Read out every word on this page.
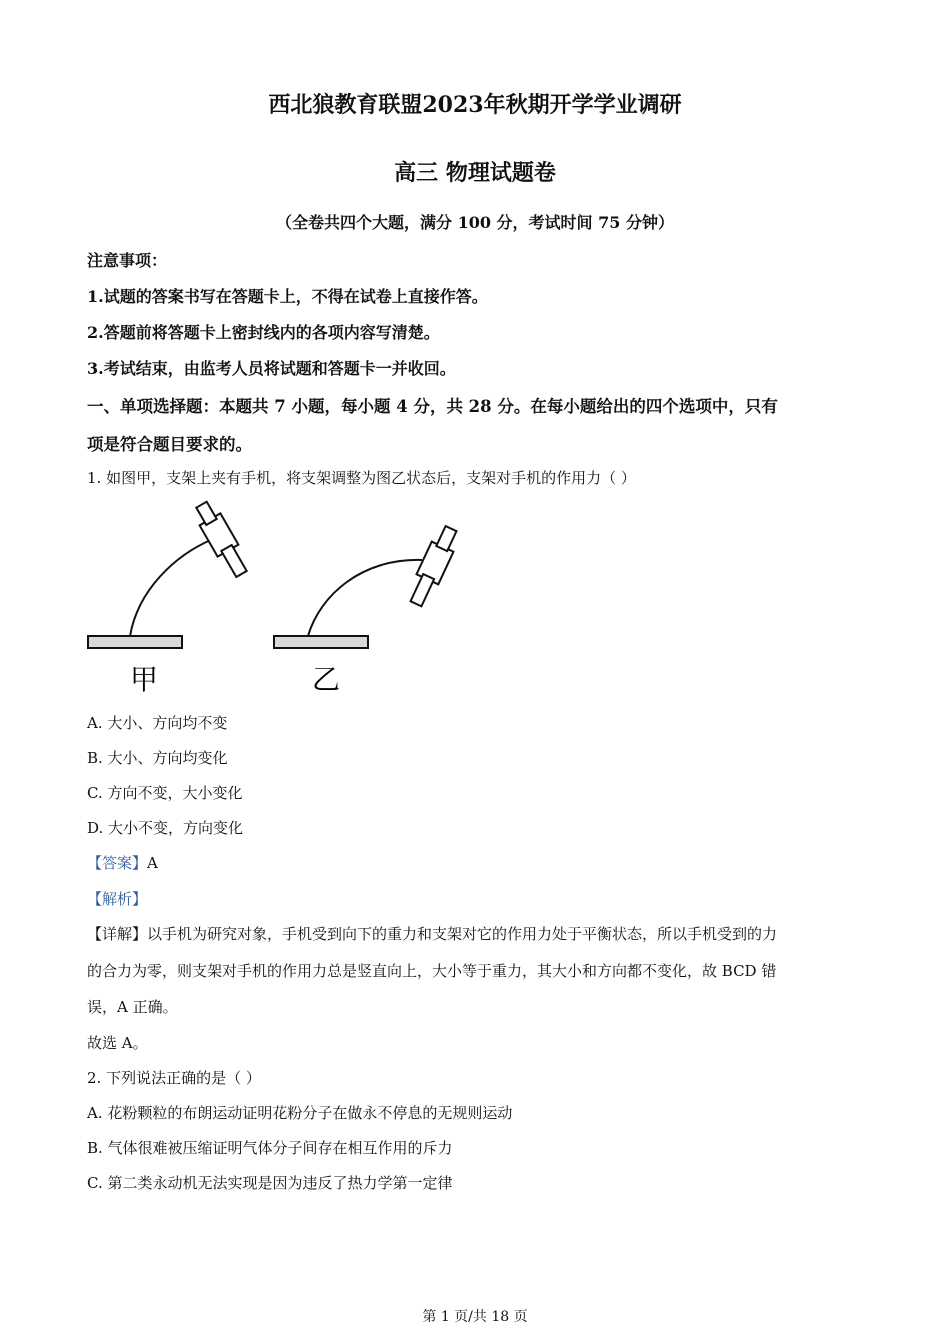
西北狼教育联盟2023年秋期开学学业调研
高三 物理试题卷
（全卷共四个大题，满分 100 分，考试时间 75 分钟）
注意事项：
1.试题的答案书写在答题卡上，不得在试卷上直接作答。
2.答题前将答题卡上密封线内的各项内容写清楚。
3.考试结束，由监考人员将试题和答题卡一并收回。
一、单项选择题：本题共 7 小题，每小题 4 分，共 28 分。在每小题给出的四个选项中，只有
项是符合题目要求的。
1. 如图甲，支架上夹有手机，将支架调整为图乙状态后，支架对手机的作用力（ ）
甲	乙
A. 大小、方向均不变
B. 大小、方向均变化
C. 方向不变，大小变化
D. 大小不变，方向变化
【答案】A
【解析】
【详解】以手机为研究对象，手机受到向下的重力和支架对它的作用力处于平衡状态，所以手机受到的力
的合力为零，则支架对手机的作用力总是竖直向上，大小等于重力，其大小和方向都不变化，故 BCD 错
误，A 正确。
故选 A。
2. 下列说法正确的是（ ）
A. 花粉颗粒的布朗运动证明花粉分子在做永不停息的无规则运动
B. 气体很难被压缩证明气体分子间存在相互作用的斥力
C. 第二类永动机无法实现是因为违反了热力学第一定律
第 1 页/共 18 页
